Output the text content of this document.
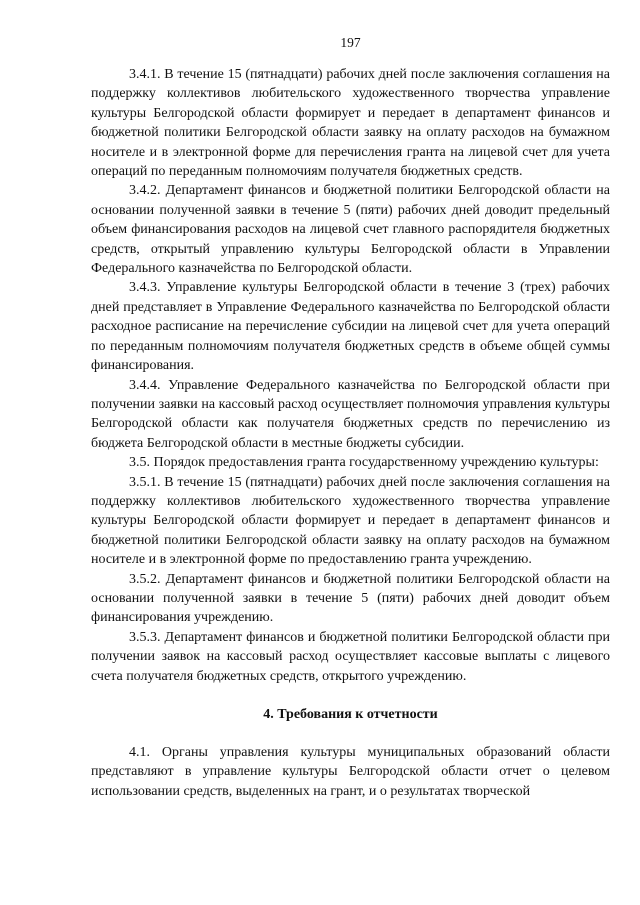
197

3.4.1. В течение 15 (пятнадцати) рабочих дней после заключения соглашения на поддержку коллективов любительского художественного творчества управление культуры Белгородской области формирует и передает в департамент финансов и бюджетной политики Белгородской области заявку на оплату расходов на бумажном носителе и в электронной форме для перечисления гранта на лицевой счет для учета операций по переданным полномочиям получателя бюджетных средств.

3.4.2. Департамент финансов и бюджетной политики Белгородской области на основании полученной заявки в течение 5 (пяти) рабочих дней доводит предельный объем финансирования расходов на лицевой счет главного распорядителя бюджетных средств, открытый управлению культуры Белгородской области в Управлении Федерального казначейства по Белгородской области.

3.4.3. Управление культуры Белгородской области в течение 3 (трех) рабочих дней представляет в Управление Федерального казначейства по Белгородской области расходное расписание на перечисление субсидии на лицевой счет для учета операций по переданным полномочиям получателя бюджетных средств в объеме общей суммы финансирования.

3.4.4. Управление Федерального казначейства по Белгородской области при получении заявки на кассовый расход осуществляет полномочия управления культуры Белгородской области как получателя бюджетных средств по перечислению из бюджета Белгородской области в местные бюджеты субсидии.

3.5. Порядок предоставления гранта государственному учреждению культуры:

3.5.1. В течение 15 (пятнадцати) рабочих дней после заключения соглашения на поддержку коллективов любительского художественного творчества управление культуры Белгородской области формирует и передает в департамент финансов и бюджетной политики Белгородской области заявку на оплату расходов на бумажном носителе и в электронной форме по предоставлению гранта учреждению.

3.5.2. Департамент финансов и бюджетной политики Белгородской области на основании полученной заявки в течение 5 (пяти) рабочих дней доводит объем финансирования учреждению.

3.5.3. Департамент финансов и бюджетной политики Белгородской области при получении заявок на кассовый расход осуществляет кассовые выплаты с лицевого счета получателя бюджетных средств, открытого учреждению.

4. Требования к отчетности

4.1. Органы управления культуры муниципальных образований области представляют в управление культуры Белгородской области отчет о целевом использовании средств, выделенных на грант, и о результатах творческой
